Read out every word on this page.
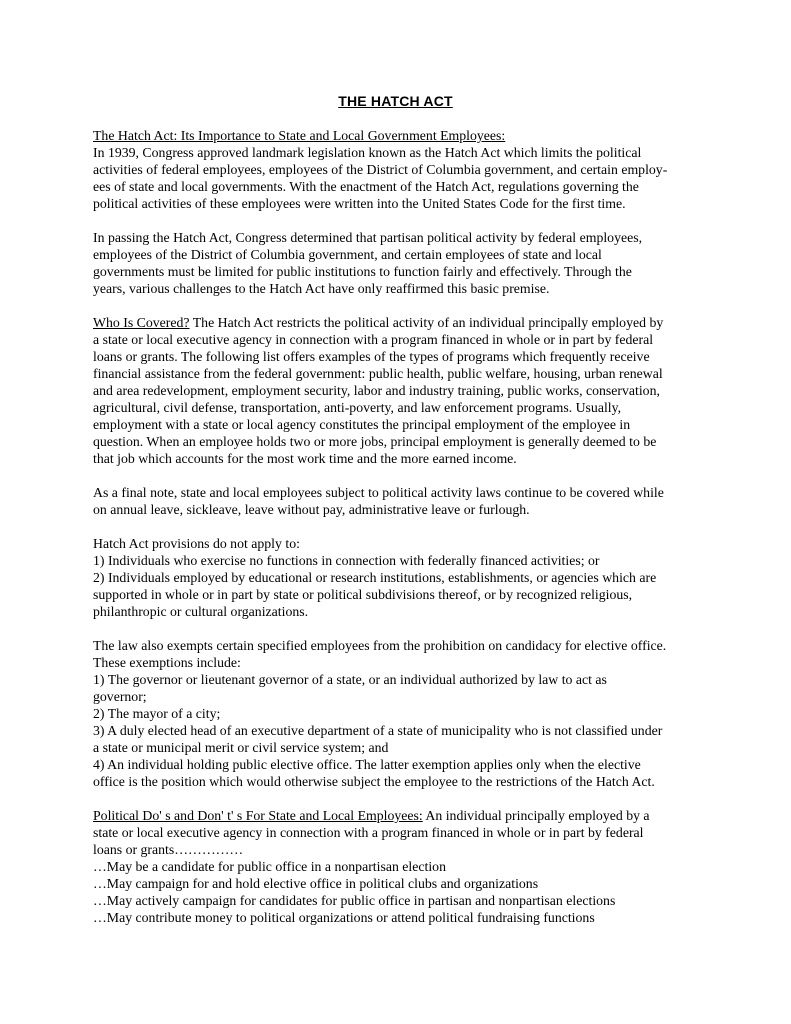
THE HATCH ACT
The Hatch Act: Its Importance to State and Local Government Employees:
In 1939, Congress approved landmark legislation known as the Hatch Act which limits the political
activities of federal employees, employees of the District of Columbia government, and certain employ-
ees of state and local governments. With the enactment of the Hatch Act, regulations governing the
political activities of these employees were written into the United States Code for the first time.
In passing the Hatch Act, Congress determined that partisan political activity by federal employees,
employees of the District of Columbia government, and certain employees of state and local
governments must be limited for public institutions to function fairly and effectively. Through the
years, various challenges to the Hatch Act have only reaffirmed this basic premise.
Who Is Covered? The Hatch Act restricts the political activity of an individual principally employed by
a state or local executive agency in connection with a program financed in whole or in part by federal
loans or grants. The following list offers examples of the types of programs which frequently receive
financial assistance from the federal government: public health, public welfare, housing, urban renewal
and area redevelopment, employment security, labor and industry training, public works, conservation,
agricultural, civil defense, transportation, anti-poverty, and law enforcement programs. Usually,
employment with a state or local agency constitutes the principal employment of the employee in
question. When an employee holds two or more jobs, principal employment is generally deemed to be
that job which accounts for the most work time and the more earned income.
As a final note, state and local employees subject to political activity laws continue to be covered while
on annual leave, sickleave, leave without pay, administrative leave or furlough.
Hatch Act provisions do not apply to:
1) Individuals who exercise no functions in connection with federally financed activities; or
2) Individuals employed by educational or research institutions, establishments, or agencies which are
supported in whole or in part by state or political subdivisions thereof, or by recognized religious,
philanthropic or cultural organizations.
The law also exempts certain specified employees from the prohibition on candidacy for elective office.
These exemptions include:
1) The governor or lieutenant governor of a state, or an individual authorized by law to act as
governor;
2) The mayor of a city;
3) A duly elected head of an executive department of a state of municipality who is not classified under
a state or municipal merit or civil service system; and
4) An individual holding public elective office. The latter exemption applies only when the elective
office is the position which would otherwise subject the employee to the restrictions of the Hatch Act.
Political Do' s and Don' t' s For State and Local Employees: An individual principally employed by a
state or local executive agency in connection with a program financed in whole or in part by federal
loans or grants……………
…May be a candidate for public office in a nonpartisan election
…May campaign for and hold elective office in political clubs and organizations
…May actively campaign for candidates for public office in partisan and nonpartisan elections
…May contribute money to political organizations or attend political fundraising functions
